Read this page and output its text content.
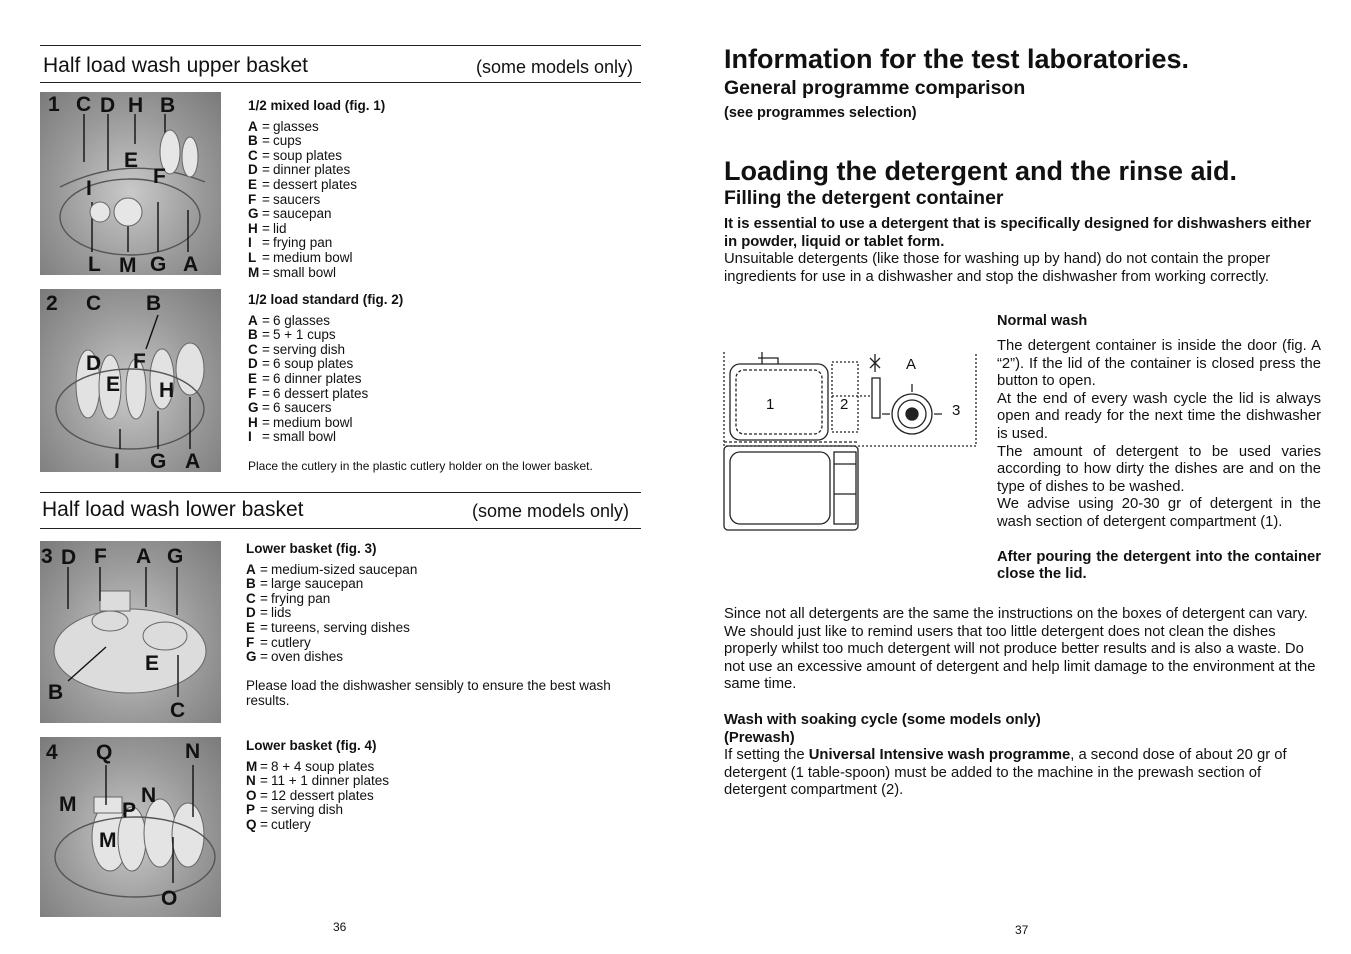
Half load wash upper basket	(some models only)
1 C D H B
E
F
I
L M G A
1/2 mixed load (fig. 1)
A = glasses
B = cups
C = soup plates
D = dinner plates
E = dessert plates
F = saucers
G = saucepan
H = lid
I = frying pan
L = medium bowl
M = small bowl
2 C B
D F
E H
I G A
1/2 load standard (fig. 2)
A = 6 glasses
B = 5 + 1 cups
C = serving dish
D = 6 soup plates
E = 6 dinner plates
F = 6 dessert plates
G = 6 saucers
H = medium bowl
I = small bowl
Place the cutlery in the plastic cutlery holder on the lower basket.
Half load wash lower basket	(some models only)
3 D F A G
E
B
C
Lower basket (fig. 3)
A = medium-sized saucepan
B = large saucepan
C = frying pan
D = lids
E = tureens, serving dishes
F = cutlery
G = oven dishes
Please load the dishwasher sensibly to ensure the best wash results.
4 Q	N
M P
N
M
O
Lower basket (fig. 4)
M = 8 + 4 soup plates
N = 11 + 1 dinner plates
O = 12 dessert plates
P = serving dish
Q = cutlery
36
Information for the test laboratories.
General programme comparison
(see programmes selection)
Loading the detergent and the rinse aid.
Filling the detergent container
It is essential to use a detergent that is specifically designed for dishwashers either in powder, liquid or tablet form.
Unsuitable detergents (like those for washing up by hand) do not contain the proper ingredients for use in a dishwasher and stop the dishwasher from working correctly.
1	2
A
3
Normal wash
The detergent container is inside the door (fig. A “2”). If the lid of the container is closed press the button to open.
At the end of every wash cycle the lid is always open and ready for the next time the dishwasher is used.
The amount of detergent to be used varies according to how dirty the dishes are and on the type of dishes to be washed.
We advise using 20-30 gr of detergent in the wash section of detergent compartment (1).
After pouring the detergent into the container close the lid.
Since not all detergents are the same the instructions on the boxes of detergent can vary. We should just like to remind users that too little detergent does not clean the dishes properly whilst too much detergent will not produce better results and is also a waste. Do not use an excessive amount of detergent and help limit damage to the environment at the same time.
Wash with soaking cycle (some models only)
(Prewash)
If setting the Universal Intensive wash programme, a second dose of about 20 gr of detergent (1 table-spoon) must be added to the machine in the prewash section of detergent compartment (2).
37
